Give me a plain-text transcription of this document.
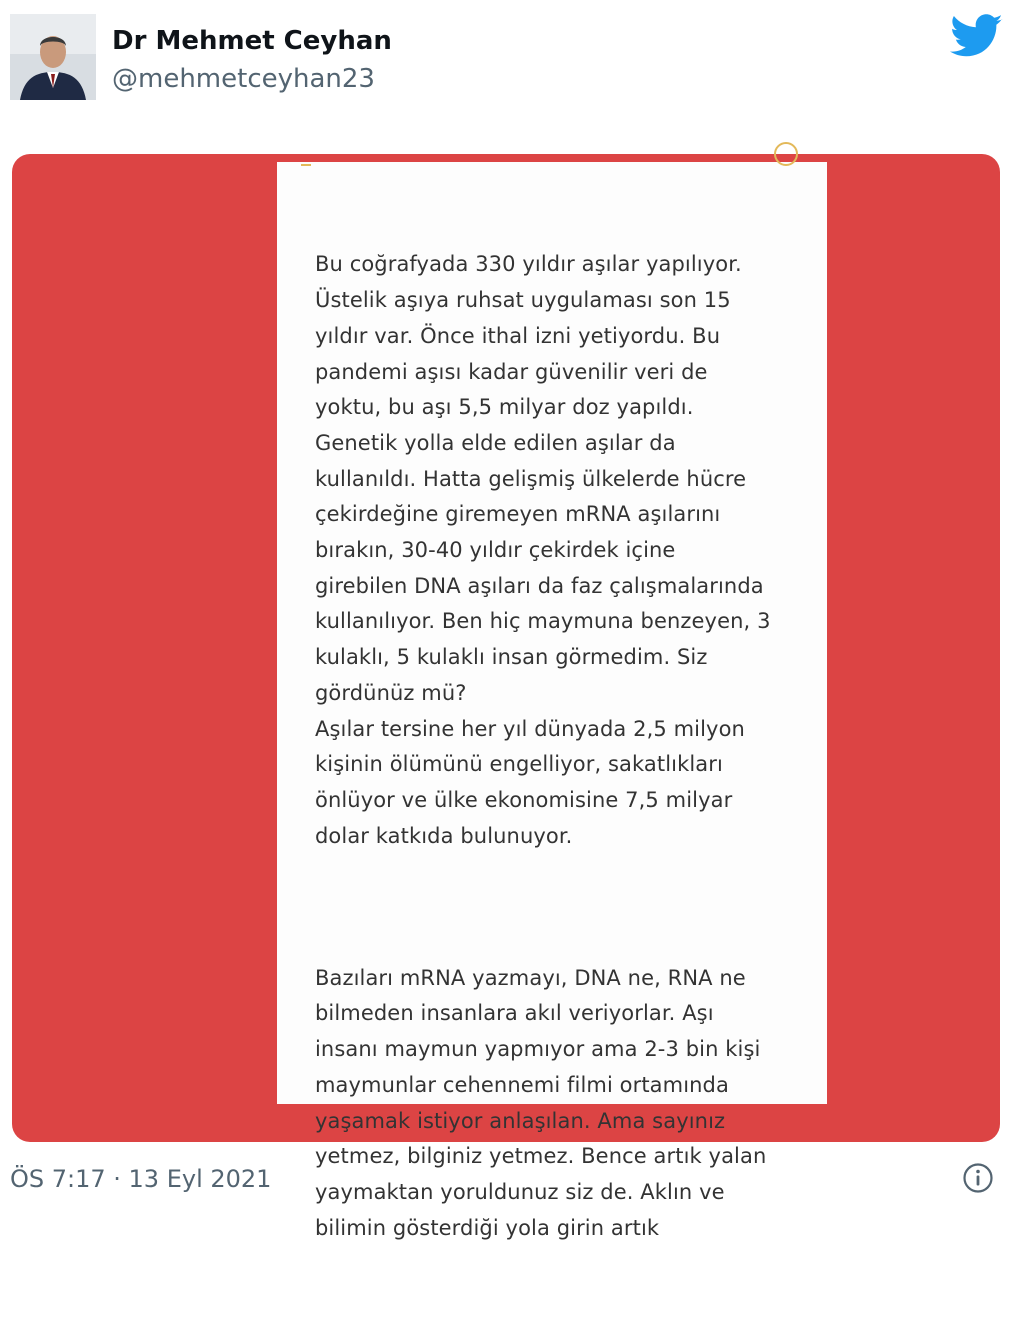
Dr Mehmet Ceyhan
@mehmetceyhan23

Bu coğrafyada 330 yıldır aşılar yapılıyor.
Üstelik aşıya ruhsat uygulaması son 15
yıldır var. Önce ithal izni yetiyordu. Bu
pandemi aşısı kadar güvenilir veri de
yoktu, bu aşı 5,5 milyar doz yapıldı.
Genetik yolla elde edilen aşılar da
kullanıldı. Hatta gelişmiş ülkelerde hücre
çekirdeğine giremeyen mRNA aşılarını
bırakın, 30-40 yıldır çekirdek içine
girebilen DNA aşıları da faz çalışmalarında
kullanılıyor. Ben hiç maymuna benzeyen, 3
kulaklı, 5 kulaklı insan görmedim. Siz
gördünüz mü?
Aşılar tersine her yıl dünyada 2,5 milyon
kişinin ölümünü engelliyor, sakatlıkları
önlüyor ve ülke ekonomisine 7,5 milyar
dolar katkıda bulunuyor.

Bazıları mRNA yazmayı, DNA ne, RNA ne
bilmeden insanlara akıl veriyorlar. Aşı
insanı maymun yapmıyor ama 2-3 bin kişi
maymunlar cehennemi filmi ortamında
yaşamak istiyor anlaşılan. Ama sayınız
yetmez, bilginiz yetmez. Bence artık yalan
yaymaktan yoruldunuz siz de. Aklın ve
bilimin gösterdiği yola girin artık

ÖS 7:17 · 13 Eyl 2021
